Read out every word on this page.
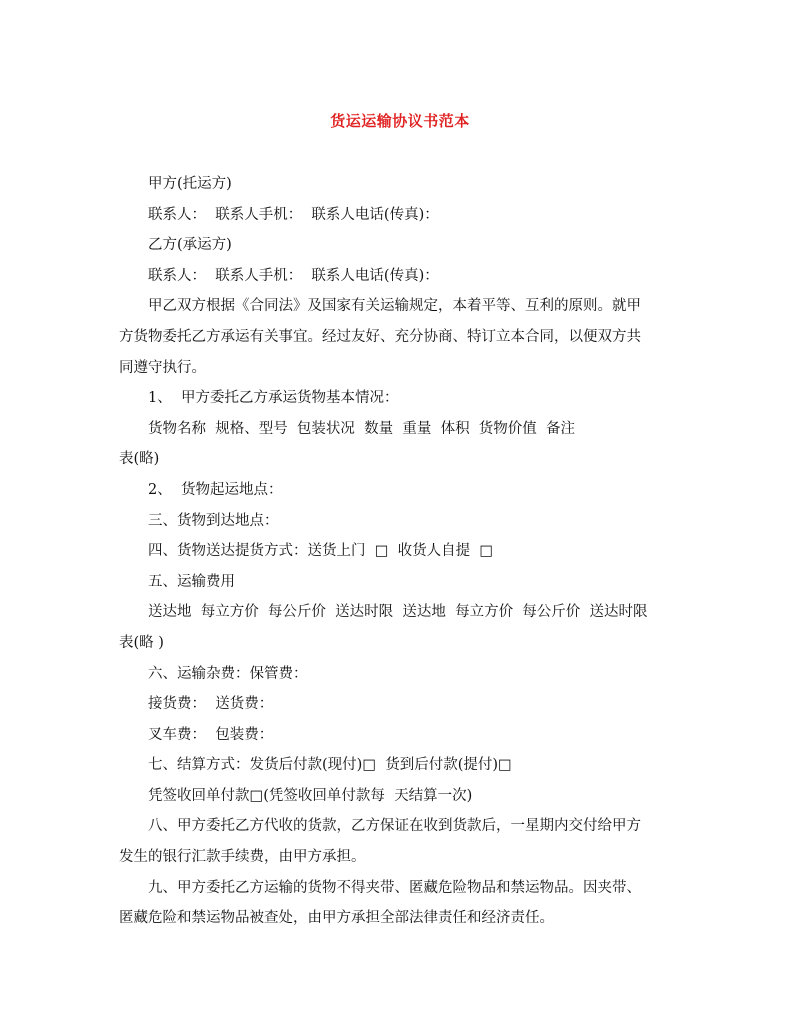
货运运输协议书范本
甲方(托运方)
联系人：  联系人手机：  联系人电话(传真)：
乙方(承运方)
联系人：  联系人手机：  联系人电话(传真)：
甲乙双方根据《合同法》及国家有关运输规定，本着平等、互利的原则。就甲
方货物委托乙方承运有关事宜。经过友好、充分协商、特订立本合同，以便双方共
同遵守执行。
1、  甲方委托乙方承运货物基本情况：
货物名称  规格、型号  包装状况  数量  重量  体积  货物价值  备注
表(略)
2、  货物起运地点：
三、货物到达地点：
四、货物送达提货方式：送货上门  □  收货人自提  □
五、运输费用
送达地  每立方价  每公斤价  送达时限  送达地  每立方价  每公斤价  送达时限
表(略 )
六、运输杂费：保管费：
接货费：  送货费：
叉车费：  包装费：
七、结算方式：发货后付款(现付)□  货到后付款(提付)□
凭签收回单付款□(凭签收回单付款每  天结算一次)
八、甲方委托乙方代收的货款，乙方保证在收到货款后，一星期内交付给甲方
发生的银行汇款手续费，由甲方承担。
九、甲方委托乙方运输的货物不得夹带、匿藏危险物品和禁运物品。因夹带、
匿藏危险和禁运物品被查处，由甲方承担全部法律责任和经济责任。
